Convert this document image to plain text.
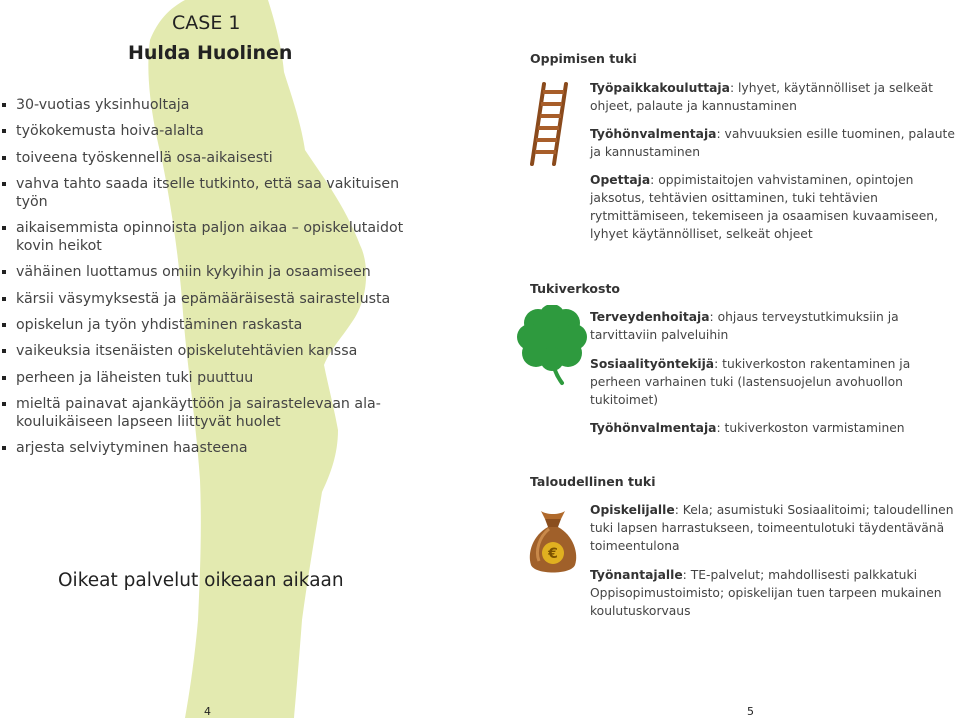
CASE 1
Hulda Huolinen
30-vuotias yksinhuoltaja
työkokemusta hoiva-alalta
toiveena työskennellä osa-aikaisesti
vahva tahto saada itselle tutkinto, että saa vakituisen työn
aikaisemmista opinnoista paljon aikaa – opiskelutaidot kovin heikot
vähäinen luottamus omiin kykyihin ja osaamiseen
kärsii väsymyksestä ja epämääräisestä sairastelusta
opiskelun ja työn yhdistäminen raskasta
vaikeuksia itsenäisten opiskelutehtävien kanssa
perheen ja läheisten tuki puuttuu
mieltä painavat ajankäyttöön ja sairastelevaan ala-kouluikäiseen lapseen liittyvät huolet
arjesta selviytyminen haasteena
Oikeat palvelut oikeaan aikaan
4
Oppimisen tuki
Työpaikkakouluttaja: lyhyet, käytännölliset ja selkeät ohjeet, palaute ja kannustaminen
Työhönvalmentaja: vahvuuksien esille tuominen, palaute ja kannustaminen
Opettaja: oppimistaitojen vahvistaminen, opintojen jaksotus, tehtävien osittaminen, tuki tehtävien rytmittämiseen, tekemiseen ja osaamisen kuvaamiseen, lyhyet käytännölliset, selkeät ohjeet
Tukiverkosto
Terveydenhoitaja: ohjaus terveystutkimuksiin ja tarvittaviin palveluihin
Sosiaalityöntekijä: tukiverkoston rakentaminen ja perheen varhainen tuki (lastensuojelun avohuollon tukitoimet)
Työhönvalmentaja: tukiverkoston varmistaminen
Taloudellinen tuki
€
Opiskelijalle: Kela; asumistuki Sosiaalitoimi; taloudellinen tuki lapsen harrastukseen, toimeentulotuki täydentävänä toimeentulona
Työnantajalle: TE-palvelut; mahdollisesti palkkatuki Oppisopimustoimisto; opiskelijan tuen tarpeen mukainen koulutuskorvaus
5
